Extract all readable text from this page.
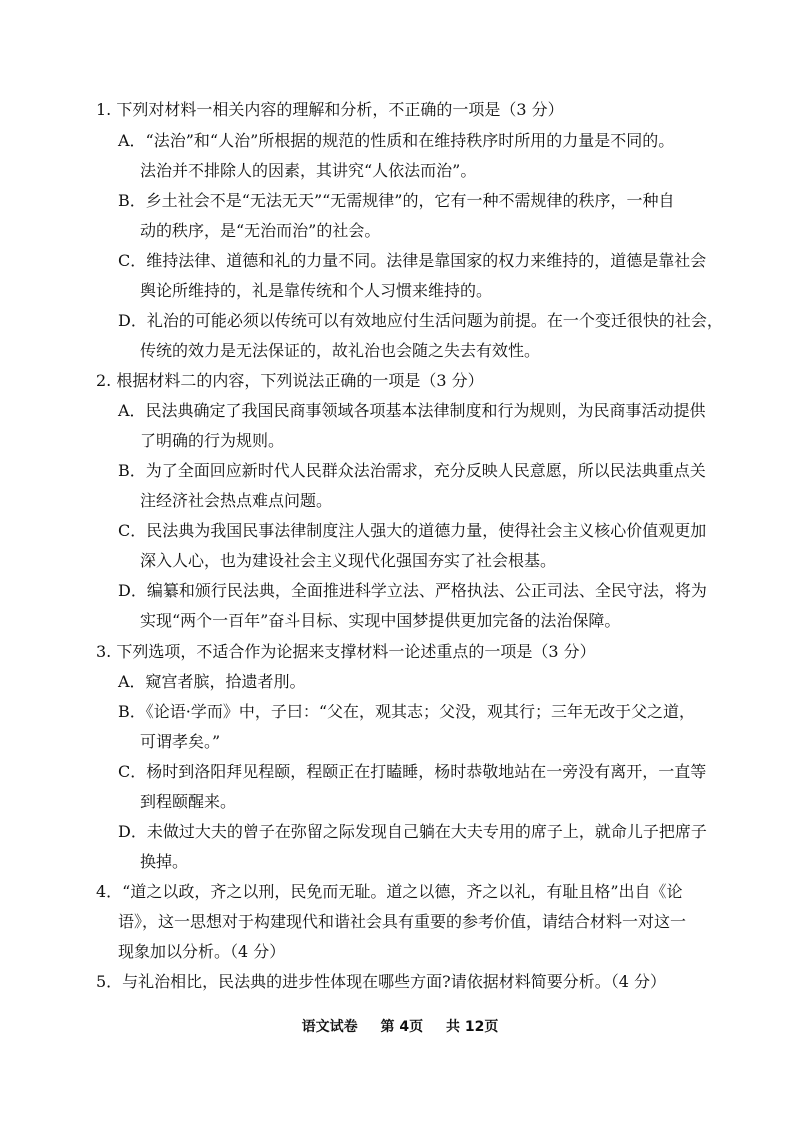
1. 下列对材料一相关内容的理解和分析，不正确的一项是（3 分）
A．“法治”和“人治”所根据的规范的性质和在维持秩序时所用的力量是不同的。
法治并不排除人的因素，其讲究“人依法而治”。
B．乡土社会不是“无法无天”“无需规律”的，它有一种不需规律的秩序，一种自
动的秩序，是“无治而治”的社会。
C．维持法律、道德和礼的力量不同。法律是靠国家的权力来维持的，道德是靠社会
舆论所维持的，礼是靠传统和个人习惯来维持的。
D．礼治的可能必须以传统可以有效地应付生活问题为前提。在一个变迁很快的社会，
传统的效力是无法保证的，故礼治也会随之失去有效性。
2. 根据材料二的内容，下列说法正确的一项是（3 分）
A．民法典确定了我国民商事领域各项基本法律制度和行为规则，为民商事活动提供
了明确的行为规则。
B．为了全面回应新时代人民群众法治需求，充分反映人民意愿，所以民法典重点关
注经济社会热点难点问题。
C．民法典为我国民事法律制度注人强大的道德力量，使得社会主义核心价值观更加
深入人心，也为建设社会主义现代化强国夯实了社会根基。
D．编纂和颁行民法典，全面推进科学立法、严格执法、公正司法、全民守法，将为
实现“两个一百年”奋斗目标、实现中国梦提供更加完备的法治保障。
3. 下列选项，不适合作为论据来支撑材料一论述重点的一项是（3 分）
A．窥宫者膑，拾遗者刖。
B．《论语·学而》中，子曰：“父在，观其志；父没，观其行；三年无改于父之道，
可谓孝矣。”
C．杨时到洛阳拜见程颐，程颐正在打瞌睡，杨时恭敬地站在一旁没有离开，一直等
到程颐醒来。
D．未做过大夫的曾子在弥留之际发现自己躺在大夫专用的席子上，就命儿子把席子
换掉。
4．“道之以政，齐之以刑，民免而无耻。道之以德，齐之以礼，有耻且格”出自《论
语》，这一思想对于构建现代和谐社会具有重要的参考价值，请结合材料一对这一
现象加以分析。（4 分）
5．与礼治相比，民法典的进步性体现在哪些方面?请依据材料简要分析。（4 分）
语文试卷 第 4页 共 12页
